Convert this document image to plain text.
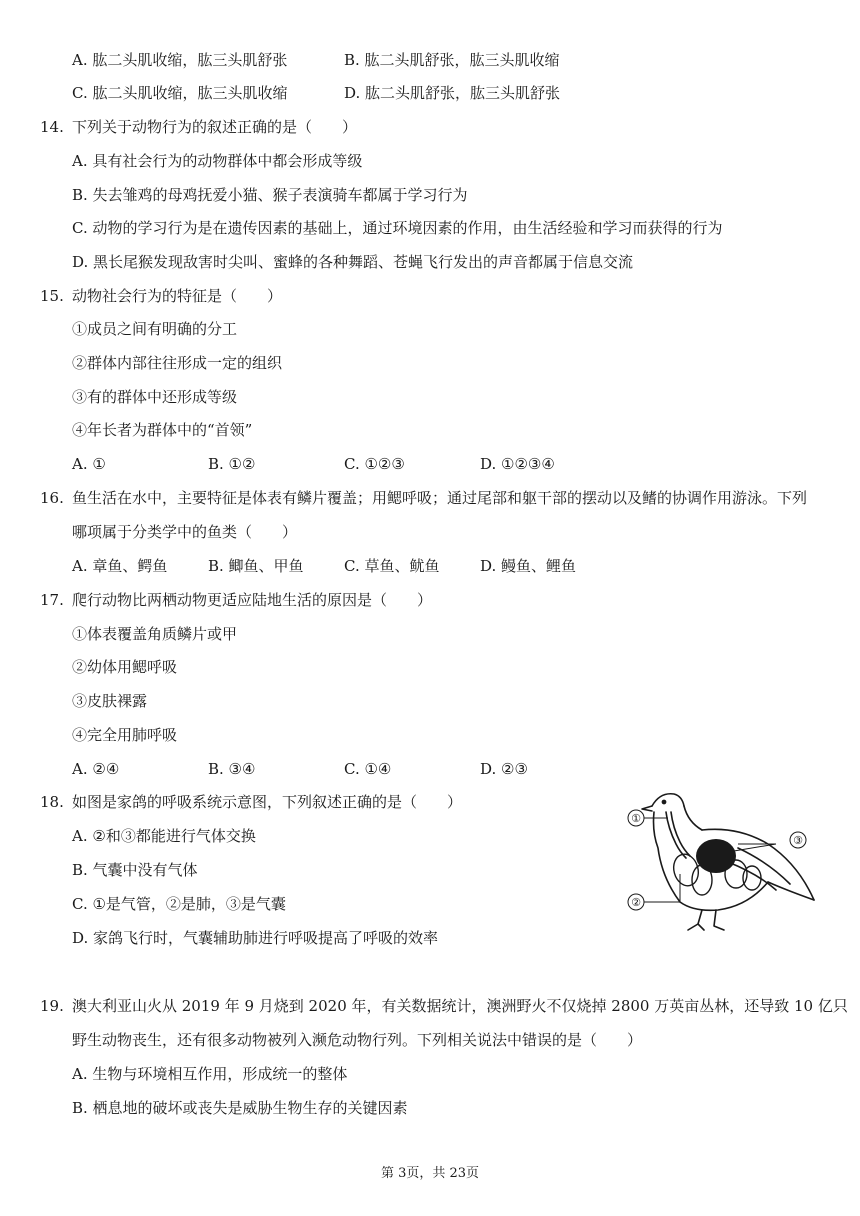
A. 肱二头肌收缩，肱三头肌舒张	B. 肱二头肌舒张，肱三头肌收缩
C. 肱二头肌收缩，肱三头肌收缩	D. 肱二头肌舒张，肱三头肌舒张
14. 下列关于动物行为的叙述正确的是（　　）
A. 具有社会行为的动物群体中都会形成等级
B. 失去雏鸡的母鸡抚爱小猫、猴子表演骑车都属于学习行为
C. 动物的学习行为是在遗传因素的基础上，通过环境因素的作用，由生活经验和学习而获得的行为
D. 黑长尾猴发现敌害时尖叫、蜜蜂的各种舞蹈、苍蝇飞行发出的声音都属于信息交流
15. 动物社会行为的特征是（　　）
①成员之间有明确的分工
②群体内部往往形成一定的组织
③有的群体中还形成等级
④年长者为群体中的“首领”
A. ①	B. ①②	C. ①②③	D. ①②③④
16. 鱼生活在水中，主要特征是体表有鳞片覆盖；用鳃呼吸；通过尾部和躯干部的摆动以及鳍的协调作用游泳。下列
哪项属于分类学中的鱼类（　　）
A. 章鱼、鳄鱼	B. 鲫鱼、甲鱼	C. 草鱼、鱿鱼	D. 鳗鱼、鲤鱼
17. 爬行动物比两栖动物更适应陆地生活的原因是（　　）
①体表覆盖角质鳞片或甲
②幼体用鳃呼吸
③皮肤裸露
④完全用肺呼吸
A. ②④	B. ③④	C. ①④	D. ②③
18. 如图是家鸽的呼吸系统示意图，下列叙述正确的是（　　）
A. ②和③都能进行气体交换
B. 气囊中没有气体
C. ①是气管，②是肺，③是气囊
D. 家鸽飞行时，气囊辅助肺进行呼吸提高了呼吸的效率
①
②
③
19. 澳大利亚山火从 2019 年 9 月烧到 2020 年，有关数据统计，澳洲野火不仅烧掉 2800 万英亩丛林，还导致 10 亿只
野生动物丧生，还有很多动物被列入濒危动物行列。下列相关说法中错误的是（　　）
A. 生物与环境相互作用，形成统一的整体
B. 栖息地的破坏或丧失是威胁生物生存的关键因素
第 3页，共 23页
